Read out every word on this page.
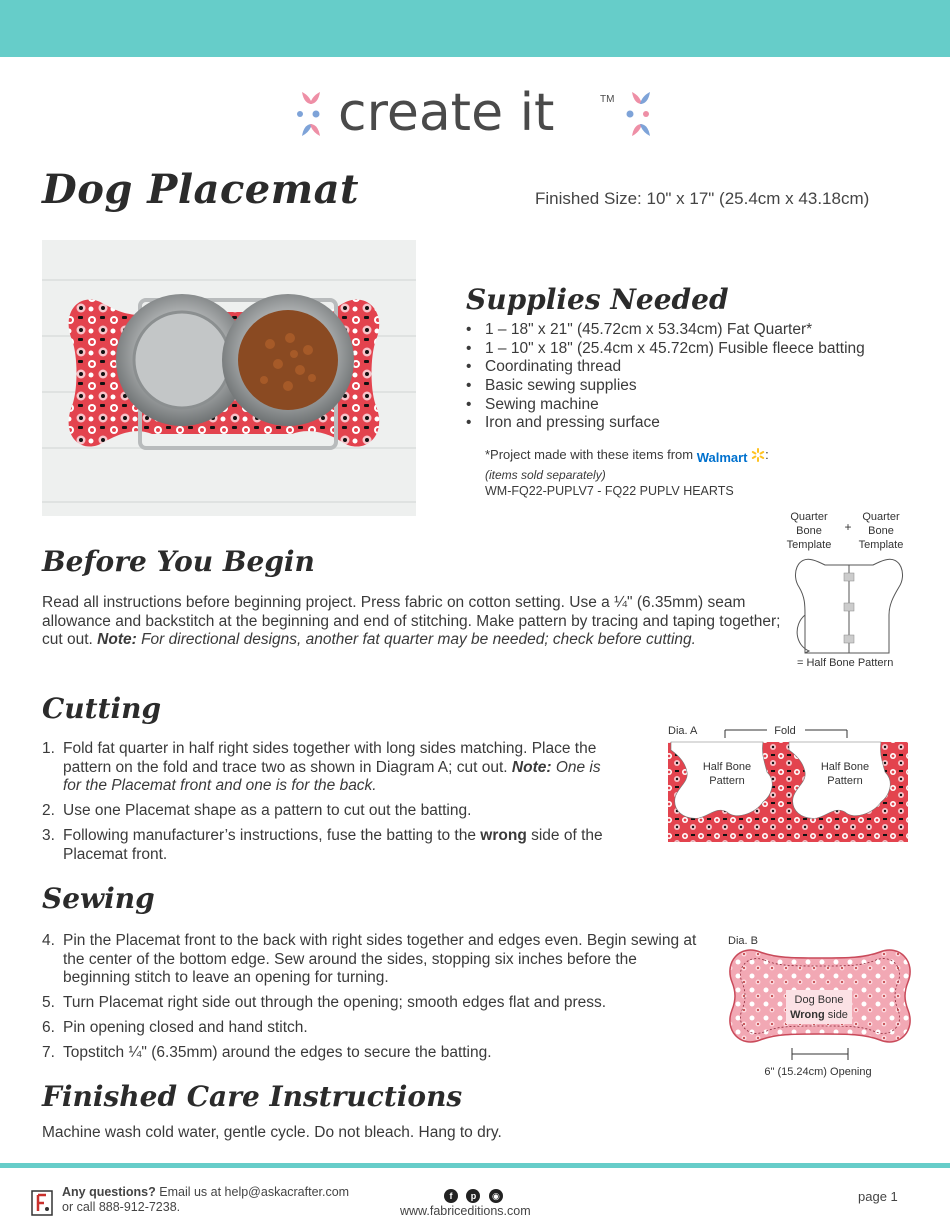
create it	TM
Dog Placemat	Finished Size: 10" x 17" (25.4cm x 43.18cm)
Supplies Needed
• 1 – 18" x 21" (45.72cm x 53.34cm) Fat Quarter*
• 1 – 10" x 18" (25.4cm x 45.72cm) Fusible fleece batting
• Coordinating thread
• Basic sewing supplies
• Sewing machine
• Iron and pressing surface
*Project made with these items from Walmart :
(items sold separately)
WM-FQ22-PUPLV7 - FQ22 PUPLV HEARTS
Quarter
Bone
Template
+
Quarter
Bone
Template
= Half Bone Pattern
Before You Begin
Read all instructions before beginning project. Press fabric on cotton setting. Use a ¼" (6.35mm) seam allowance and backstitch at the beginning and end of stitching. Make pattern by tracing and taping together; cut out. Note: For directional designs, another fat quarter may be needed; check before cutting.
Cutting
1. Fold fat quarter in half right sides together with long sides matching. Place the pattern on the fold and trace two as shown in Diagram A; cut out. Note: One is for the Placemat front and one is for the back.
2. Use one Placemat shape as a pattern to cut out the batting.
3. Following manufacturer’s instructions, fuse the batting to the wrong side of the Placemat front.
Dia. A	Fold
Half Bone
Pattern
Half Bone
Pattern
Sewing
4. Pin the Placemat front to the back with right sides together and edges even. Begin sewing at the center of the bottom edge. Sew around the sides, stopping six inches before the beginning stitch to leave an opening for turning.
5. Turn Placemat right side out through the opening; smooth edges flat and press.
6. Pin opening closed and hand stitch.
7. Topstitch ¼" (6.35mm) around the edges to secure the batting.
Dia. B
Dog Bone
Wrong side
6" (15.24cm) Opening
Finished Care Instructions
Machine wash cold water, gentle cycle. Do not bleach. Hang to dry.
Any questions? Email us at help@askacrafter.com
or call 888-912-7238.
f p ◉
www.fabriceditions.com
page 1
